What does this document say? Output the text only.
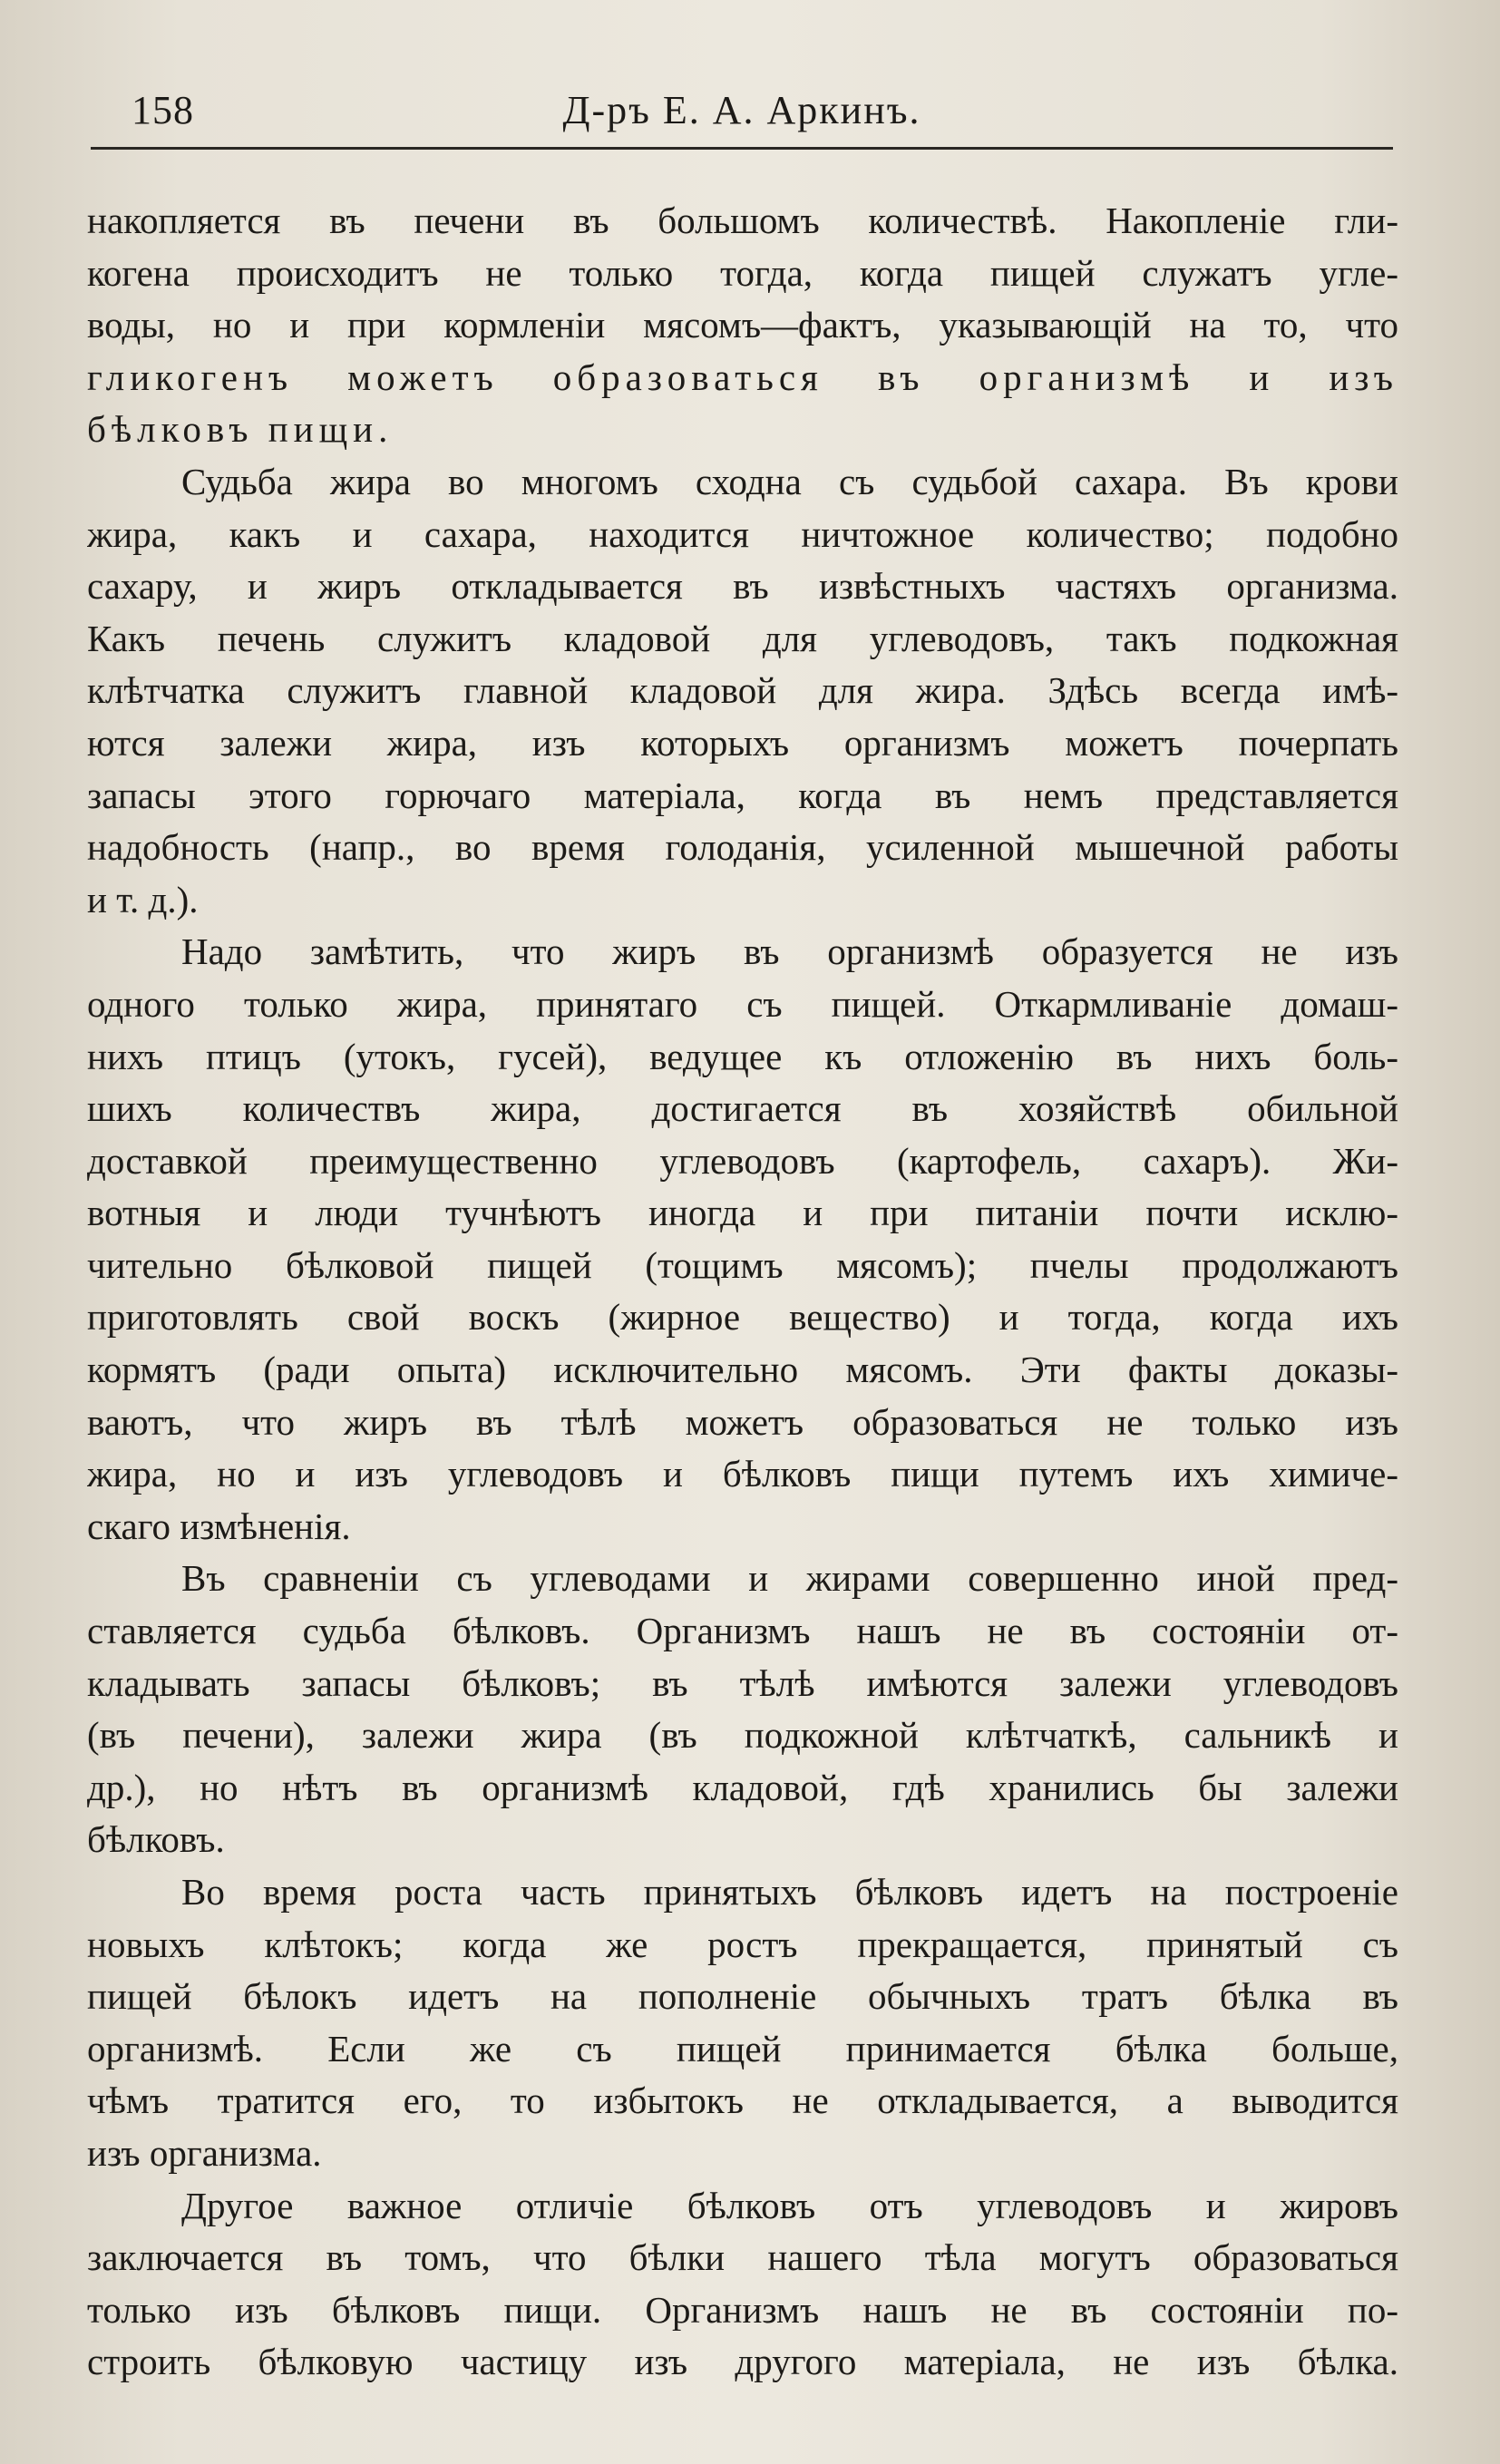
158	Д-ръ Е. А. Аркинъ.
накопляется въ печени въ большомъ количествѣ. Накопленіе гли-
когена происходитъ не только тогда, когда пищей служатъ угле-
воды, но и при кормленіи мясомъ—фактъ, указывающій на то, что
гликогенъ можетъ образоваться въ организмѣ и изъ
бѣлковъ пищи.
Судьба жира во многомъ сходна съ судьбой сахара. Въ крови
жира, какъ и сахара, находится ничтожное количество; подобно
сахару, и жиръ откладывается въ извѣстныхъ частяхъ организма.
Какъ печень служитъ кладовой для углеводовъ, такъ подкожная
клѣтчатка служитъ главной кладовой для жира. Здѣсь всегда имѣ-
ются залежи жира, изъ которыхъ организмъ можетъ почерпать
запасы этого горючаго матеріала, когда въ немъ представляется
надобность (напр., во время голоданія, усиленной мышечной работы
и т. д.).
Надо замѣтить, что жиръ въ организмѣ образуется не изъ
одного только жира, принятаго съ пищей. Откармливаніе домаш-
нихъ птицъ (утокъ, гусей), ведущее къ отложенію въ нихъ боль-
шихъ количествъ жира, достигается въ хозяйствѣ обильной
доставкой преимущественно углеводовъ (картофель, сахаръ). Жи-
вотныя и люди тучнѣютъ иногда и при питаніи почти исклю-
чительно бѣлковой пищей (тощимъ мясомъ); пчелы продолжаютъ
приготовлять свой воскъ (жирное вещество) и тогда, когда ихъ
кормятъ (ради опыта) исключительно мясомъ. Эти факты доказы-
ваютъ, что жиръ въ тѣлѣ можетъ образоваться не только изъ
жира, но и изъ углеводовъ и бѣлковъ пищи путемъ ихъ химиче-
скаго измѣненія.
Въ сравненіи съ углеводами и жирами совершенно иной пред-
ставляется судьба бѣлковъ. Организмъ нашъ не въ состояніи от-
кладывать запасы бѣлковъ; въ тѣлѣ имѣются залежи углеводовъ
(въ печени), залежи жира (въ подкожной клѣтчаткѣ, сальникѣ и
др.), но нѣтъ въ организмѣ кладовой, гдѣ хранились бы залежи
бѣлковъ.
Во время роста часть принятыхъ бѣлковъ идетъ на построеніе
новыхъ клѣтокъ; когда же ростъ прекращается, принятый съ
пищей бѣлокъ идетъ на пополненіе обычныхъ тратъ бѣлка въ
организмѣ. Если же съ пищей принимается бѣлка больше,
чѣмъ тратится его, то избытокъ не откладывается, а выводится
изъ организма.
Другое важное отличіе бѣлковъ отъ углеводовъ и жировъ
заключается въ томъ, что бѣлки нашего тѣла могутъ образоваться
только изъ бѣлковъ пищи. Организмъ нашъ не въ состояніи по-
строить бѣлковую частицу изъ другого матеріала, не изъ бѣлка.
